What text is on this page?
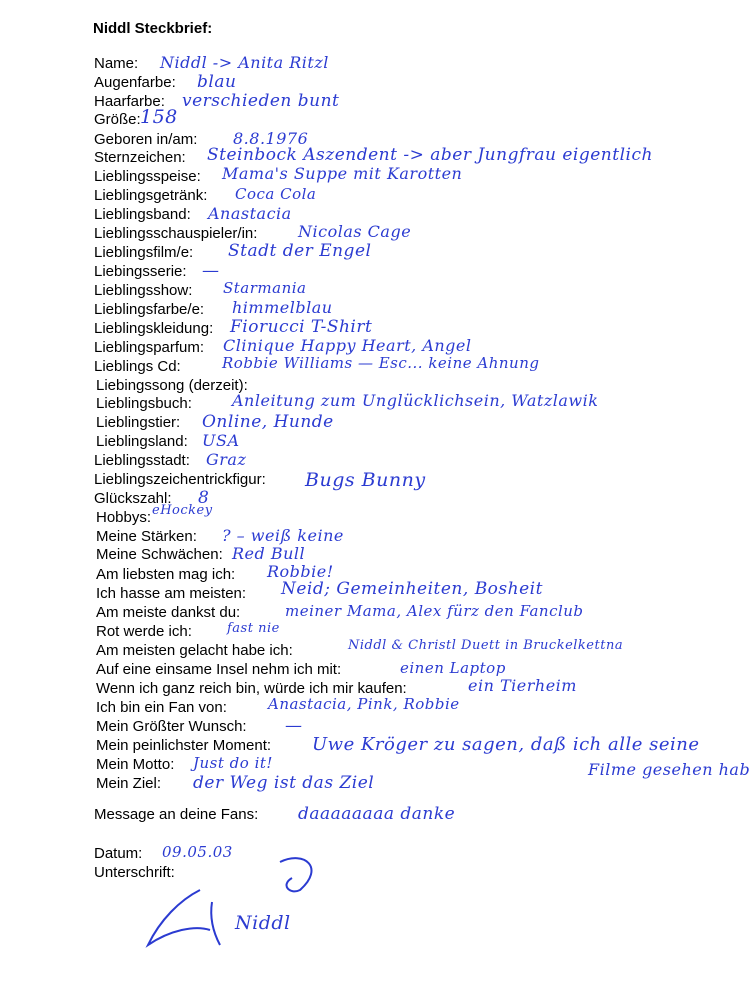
Niddl Steckbrief:
Name: Niddl -> Anita Ritzl
Augenfarbe: blau
Haarfarbe: verschieden bunt
Größe: 158
Geboren in/am: 8.8.1976
Sternzeichen: Steinbock Aszendent -> aber Jungfrau eigentlich
Lieblingsspeise: Mama's Suppe mit Karotten
Lieblingsgetränk: Coca Cola
Lieblingsband: Anastacia
Lieblingsschauspieler/in:	Nicolas Cage
Lieblingsfilm/e: Stadt der Engel
Liebingsserie: —
Lieblingsshow: Starmania
Lieblingsfarbe/e: himmelblau
Lieblingskleidung: Fiorucci T-Shirt
Lieblingsparfum: Clinique Happy Heart, Angel
Lieblings Cd:	Robbie Williams — Esc... keine Ahnung
Liebingssong (derzeit):
Lieblingsbuch:	Anleitung zum Unglücklichsein, Watzlawik
Lieblingstier: Online, Hunde
Lieblingsland: USA
Lieblingsstadt: Graz
Lieblingszeichentrickfigur: Bugs Bunny
Glückszahl: 8
Hobbys: eHockey
Meine Stärken: ? – weiß keine
Meine Schwächen: Red Bull
Am liebsten mag ich: Robbie!
Ich hasse am meisten: Neid; Gemeinheiten, Bosheit
Am meiste dankst du:	meiner Mama, Alex fürz den Fanclub
Rot werde ich:	fast nie
Am meisten gelacht habe ich:	Niddl & Christl Duett in Bruckelkettna
Auf eine einsame Insel nehm ich mit:	einen Laptop
Wenn ich ganz reich bin, würde ich mir kaufen:	ein Tierheim
Ich bin ein Fan von:	Anastacia, Pink, Robbie
Mein Größter Wunsch: —
Mein peinlichster Moment: Uwe Kröger zu sagen, daß ich alle seine
Mein Motto: Just do it!
Mein Ziel: der Weg ist das Ziel
Message an deine Fans: daaaaaaaa danke
Datum: 09.05.03
Unterschrift:
Filme gesehen hab
Niddl
